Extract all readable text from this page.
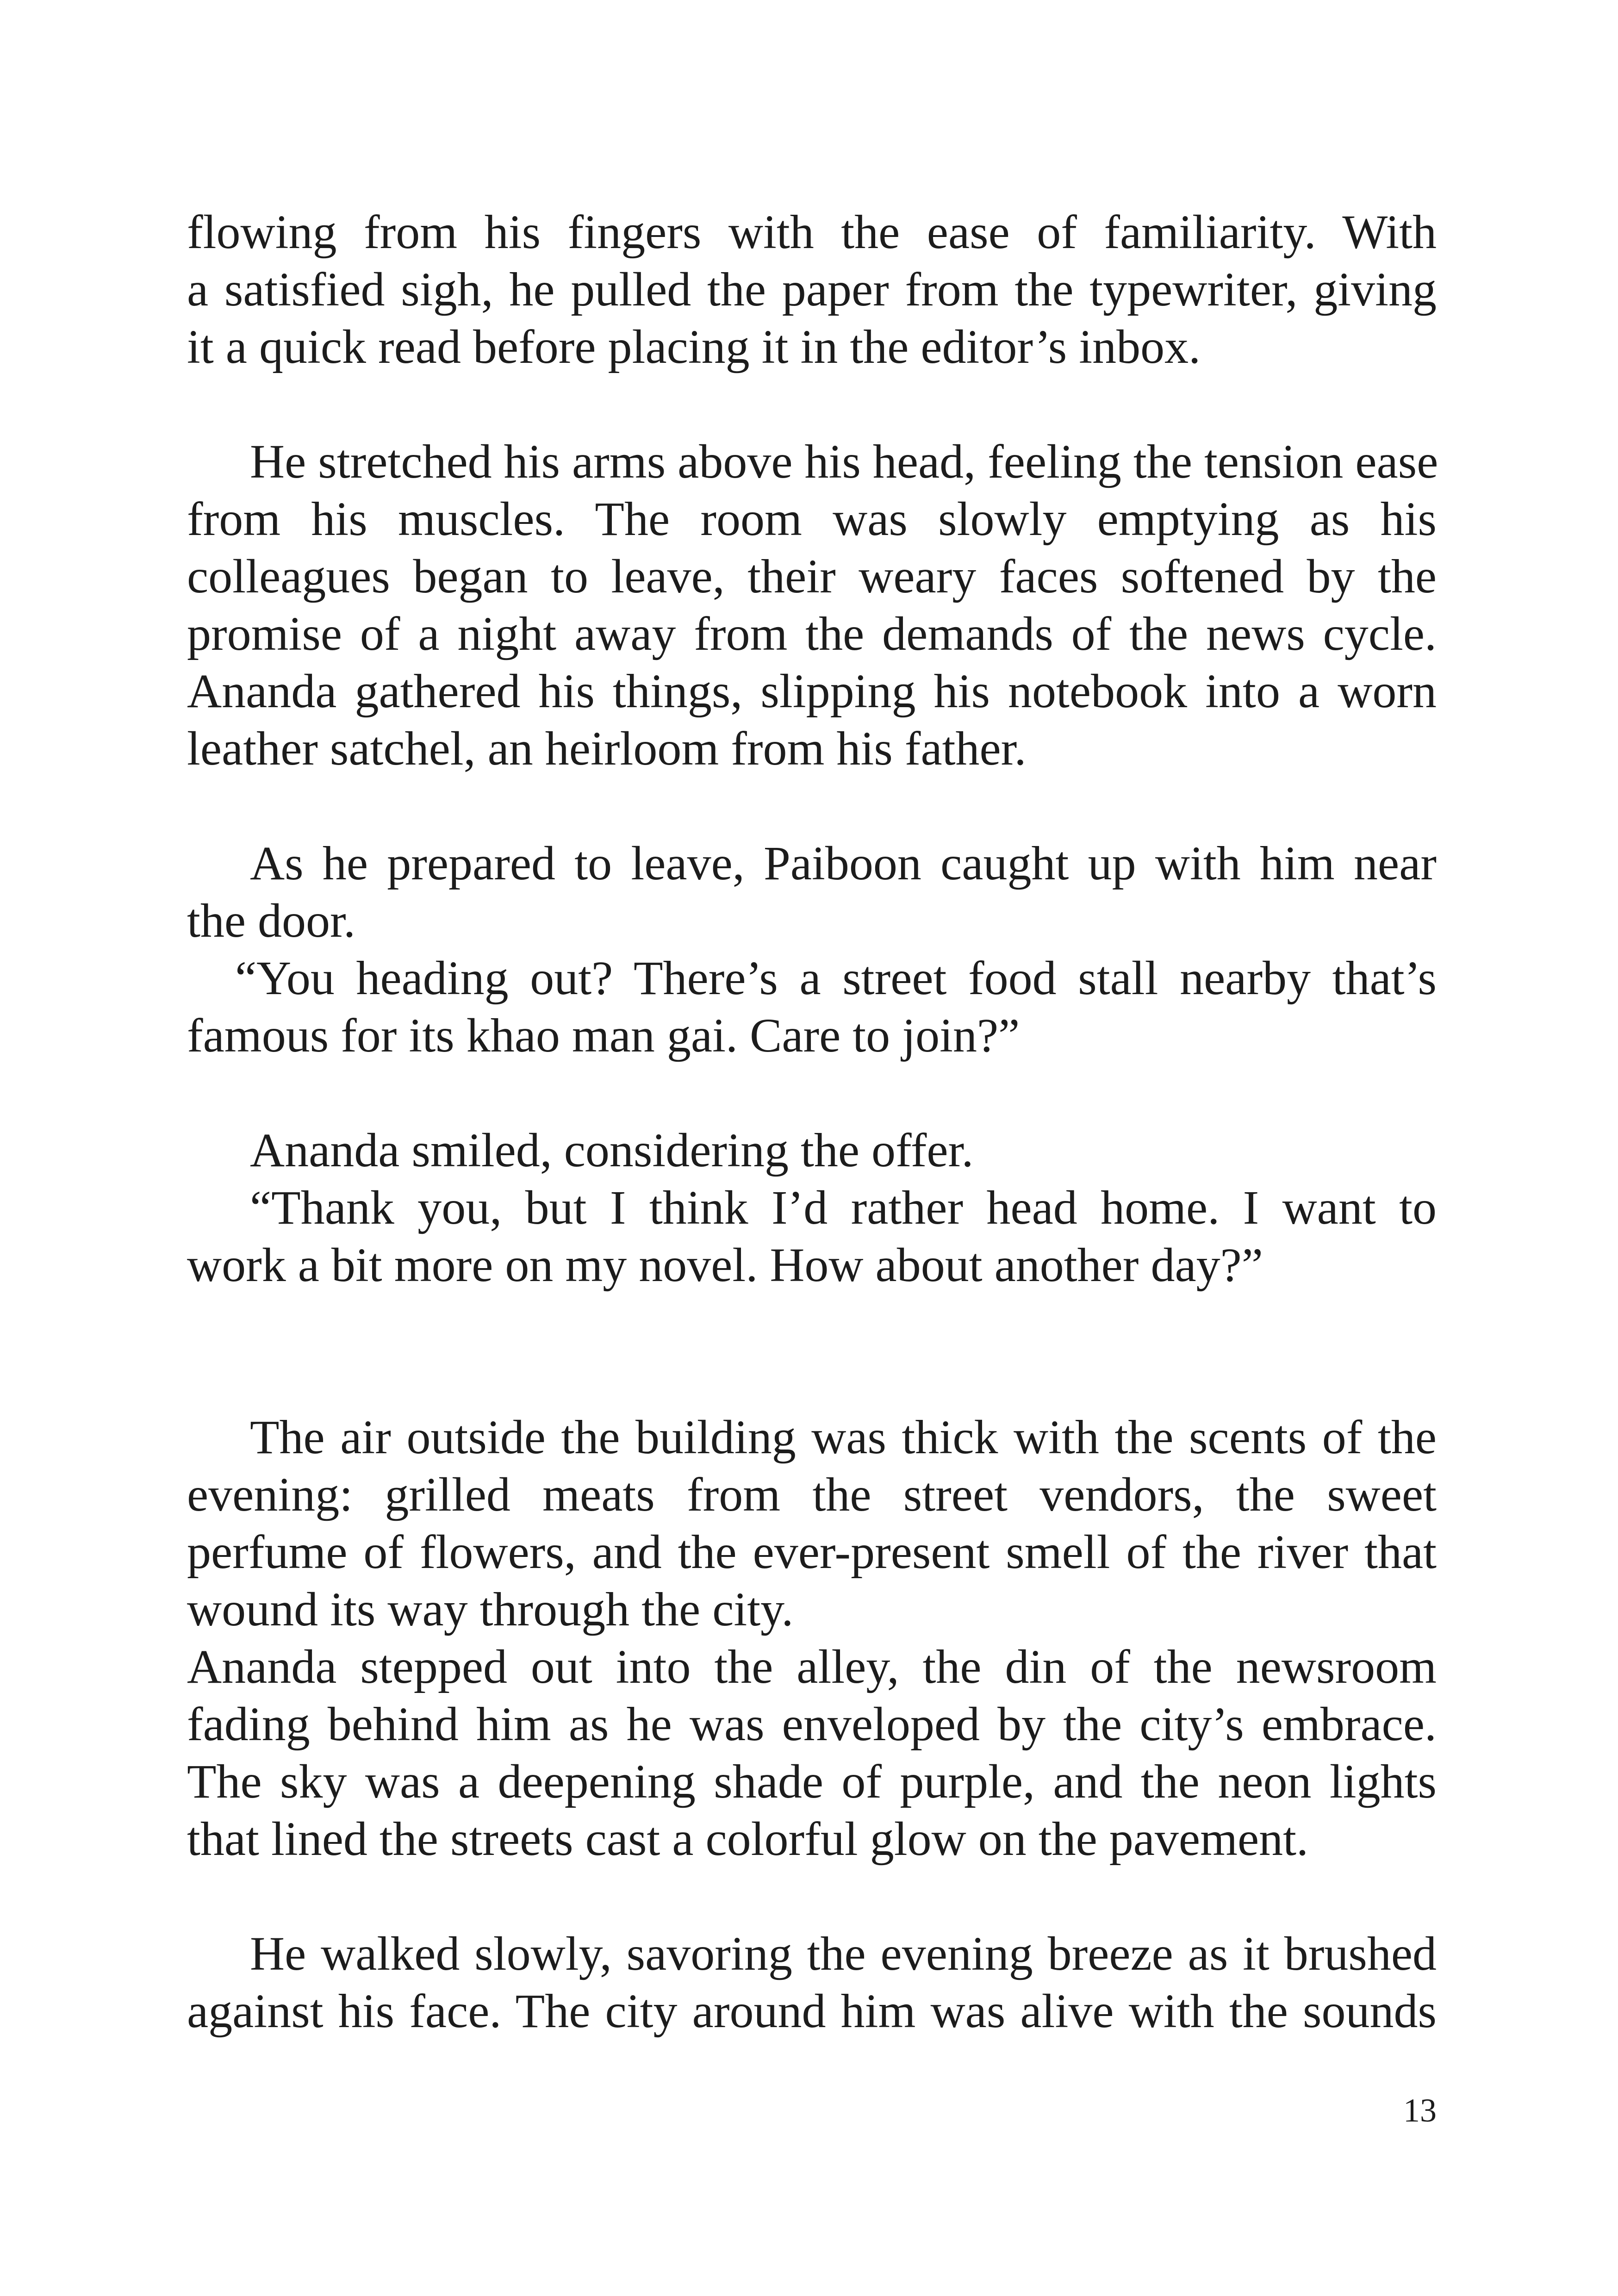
flowing from his fingers with the ease of familiarity. With
a satisfied sigh, he pulled the paper from the typewriter, giving
it a quick read before placing it in the editor’s inbox.
He stretched his arms above his head, feeling the tension ease
from his muscles. The room was slowly emptying as his
colleagues began to leave, their weary faces softened by the
promise of a night away from the demands of the news cycle.
Ananda gathered his things, slipping his notebook into a worn
leather satchel, an heirloom from his father.
As he prepared to leave, Paiboon caught up with him near
the door.
“You heading out? There’s a street food stall nearby that’s
famous for its khao man gai. Care to join?”
Ananda smiled, considering the offer.
“Thank you, but I think I’d rather head home. I want to
work a bit more on my novel. How about another day?”
The air outside the building was thick with the scents of the
evening: grilled meats from the street vendors, the sweet
perfume of flowers, and the ever-present smell of the river that
wound its way through the city.
Ananda stepped out into the alley, the din of the newsroom
fading behind him as he was enveloped by the city’s embrace.
The sky was a deepening shade of purple, and the neon lights
that lined the streets cast a colorful glow on the pavement.
He walked slowly, savoring the evening breeze as it brushed
against his face. The city around him was alive with the sounds
13
